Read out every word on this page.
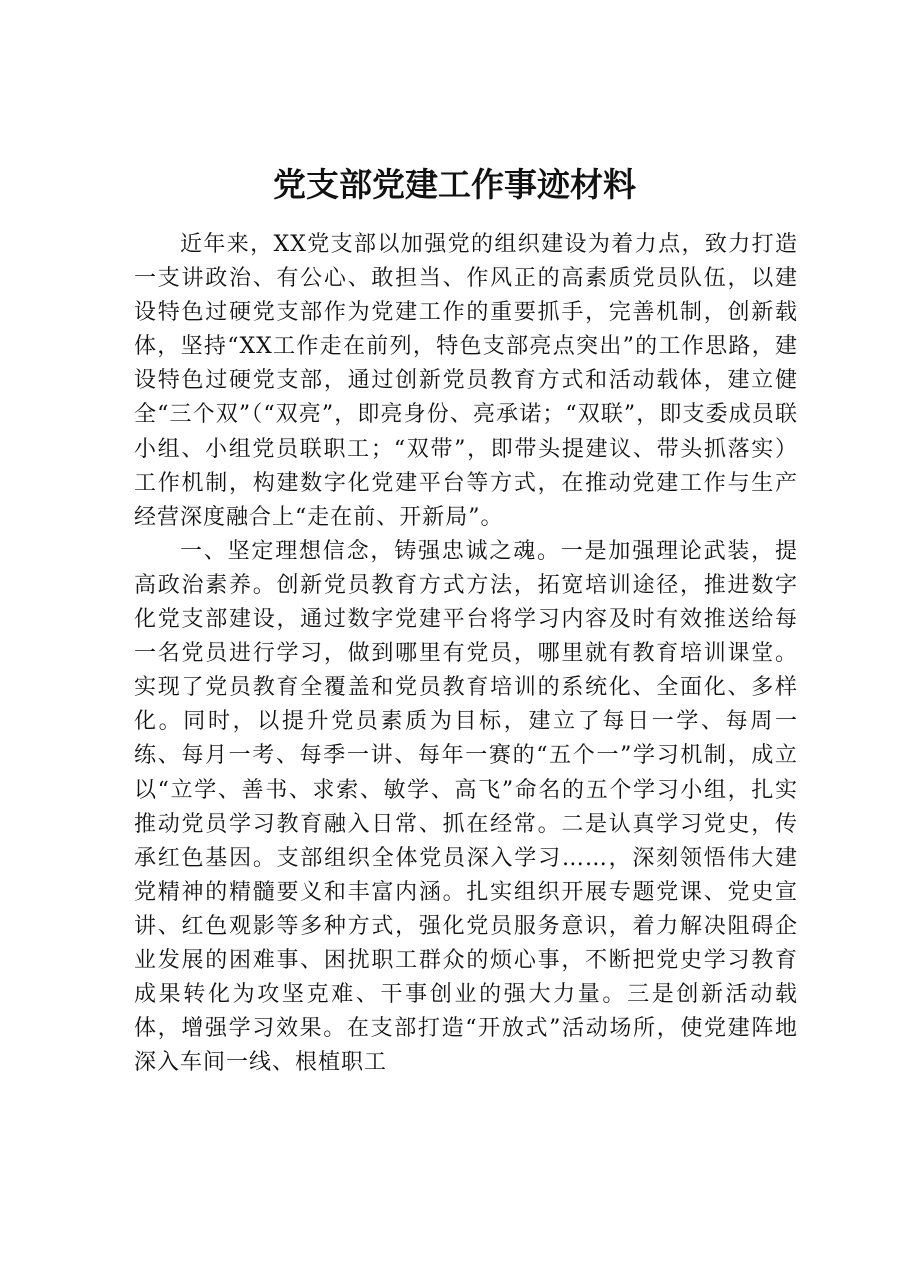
党支部党建工作事迹材料

近年来，XX党支部以加强党的组织建设为着力点，致力打造一支讲政治、有公心、敢担当、作风正的高素质党员队伍，以建设特色过硬党支部作为党建工作的重要抓手，完善机制，创新载体，坚持“XX工作走在前列，特色支部亮点突出”的工作思路，建设特色过硬党支部，通过创新党员教育方式和活动载体，建立健全“三个双”（“双亮”，即亮身份、亮承诺；“双联”，即支委成员联小组、小组党员联职工；“双带”，即带头提建议、带头抓落实）工作机制，构建数字化党建平台等方式，在推动党建工作与生产经营深度融合上“走在前、开新局”。

一、坚定理想信念，铸强忠诚之魂。一是加强理论武装，提高政治素养。创新党员教育方式方法，拓宽培训途径，推进数字化党支部建设，通过数字党建平台将学习内容及时有效推送给每一名党员进行学习，做到哪里有党员，哪里就有教育培训课堂。实现了党员教育全覆盖和党员教育培训的系统化、全面化、多样化。同时，以提升党员素质为目标，建立了每日一学、每周一练、每月一考、每季一讲、每年一赛的“五个一”学习机制，成立以“立学、善书、求索、敏学、高飞”命名的五个学习小组，扎实推动党员学习教育融入日常、抓在经常。二是认真学习党史，传承红色基因。支部组织全体党员深入学习……，深刻领悟伟大建党精神的精髓要义和丰富内涵。扎实组织开展专题党课、党史宣讲、红色观影等多种方式，强化党员服务意识，着力解决阻碍企业发展的困难事、困扰职工群众的烦心事，不断把党史学习教育成果转化为攻坚克难、干事创业的强大力量。三是创新活动载体，增强学习效果。在支部打造“开放式”活动场所，使党建阵地深入车间一线、根植职工
